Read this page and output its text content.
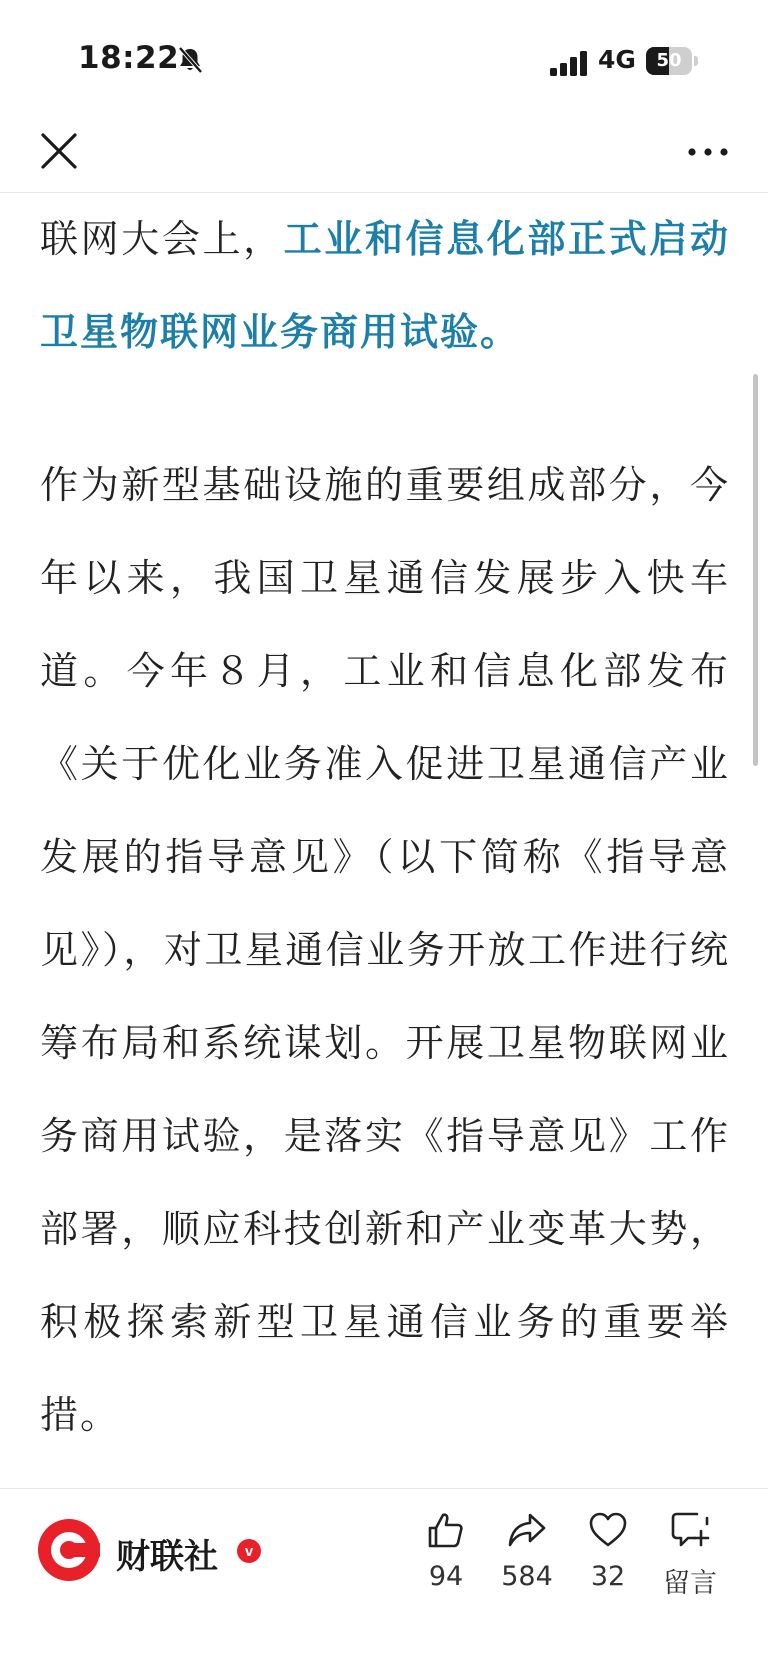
18:22	4G	50

联网大会上，工业和信息化部正式启动卫星物联网业务商用试验。

作为新型基础设施的重要组成部分，今年以来，我国卫星通信发展步入快车道。今年８月，工业和信息化部发布《关于优化业务准入促进卫星通信产业发展的指导意见》（以下简称《指导意见》），对卫星通信业务开放工作进行统筹布局和系统谋划。开展卫星物联网业务商用试验，是落实《指导意见》工作部署，顺应科技创新和产业变革大势，积极探索新型卫星通信业务的重要举措。

财联社 v
94	584	32	留言
